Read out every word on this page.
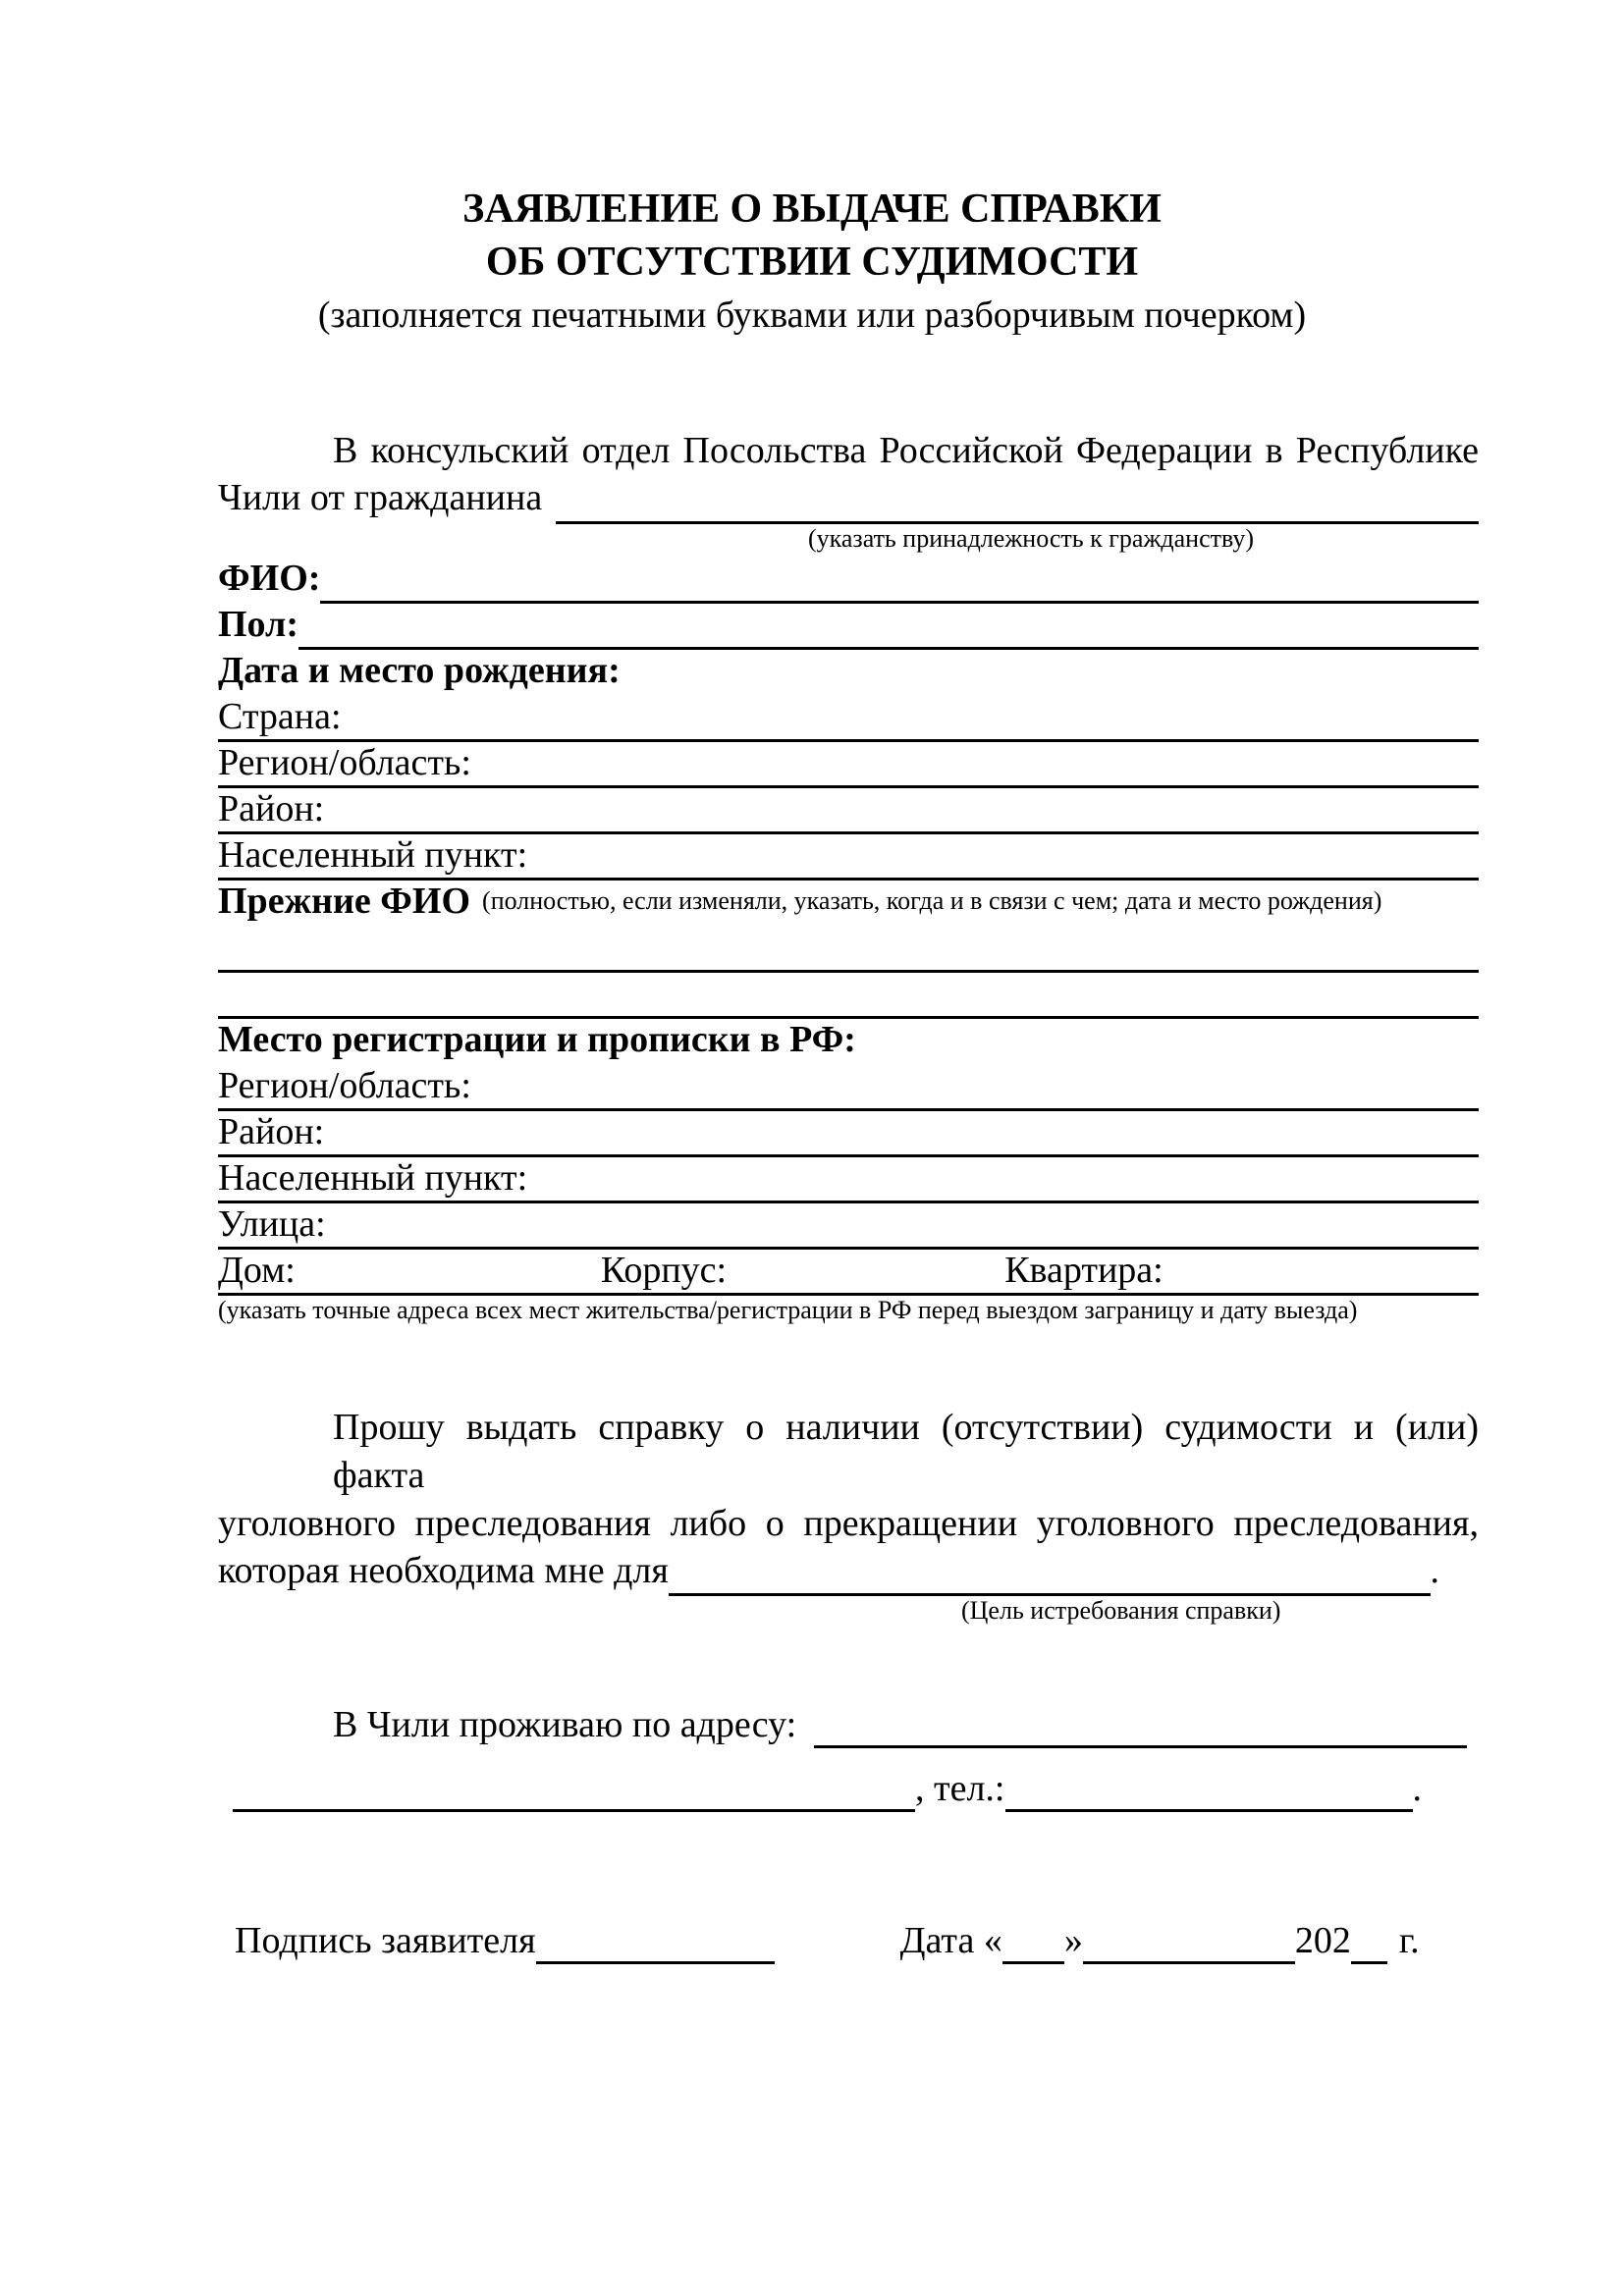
ЗАЯВЛЕНИЕ О ВЫДАЧЕ СПРАВКИ
ОБ ОТСУТСТВИИ СУДИМОСТИ
(заполняется печатными буквами или разборчивым почерком)
В консульский отдел Посольства Российской Федерации в Республике
Чили от гражданина
(указать принадлежность к гражданству)
ФИО:
Пол:
Дата и место рождения:
Страна:
Регион/область:
Район:
Населенный пункт:
Прежние ФИО (полностью, если изменяли, указать, когда и в связи с чем; дата и место рождения)
Место регистрации и прописки в РФ:
Регион/область:
Район:
Населенный пункт:
Улица:
Дом:	Корпус:	Квартира:
(указать точные адреса всех мест жительства/регистрации в РФ перед выездом заграницу и дату выезда)
Прошу выдать справку о наличии (отсутствии) судимости и (или) факта
уголовного преследования либо о прекращении уголовного преследования,
которая необходима мне для	.
(Цель истребования справки)
В Чили проживаю по адресу:
, тел.:	.
Подпись заявителя	Дата « »	202 г.
